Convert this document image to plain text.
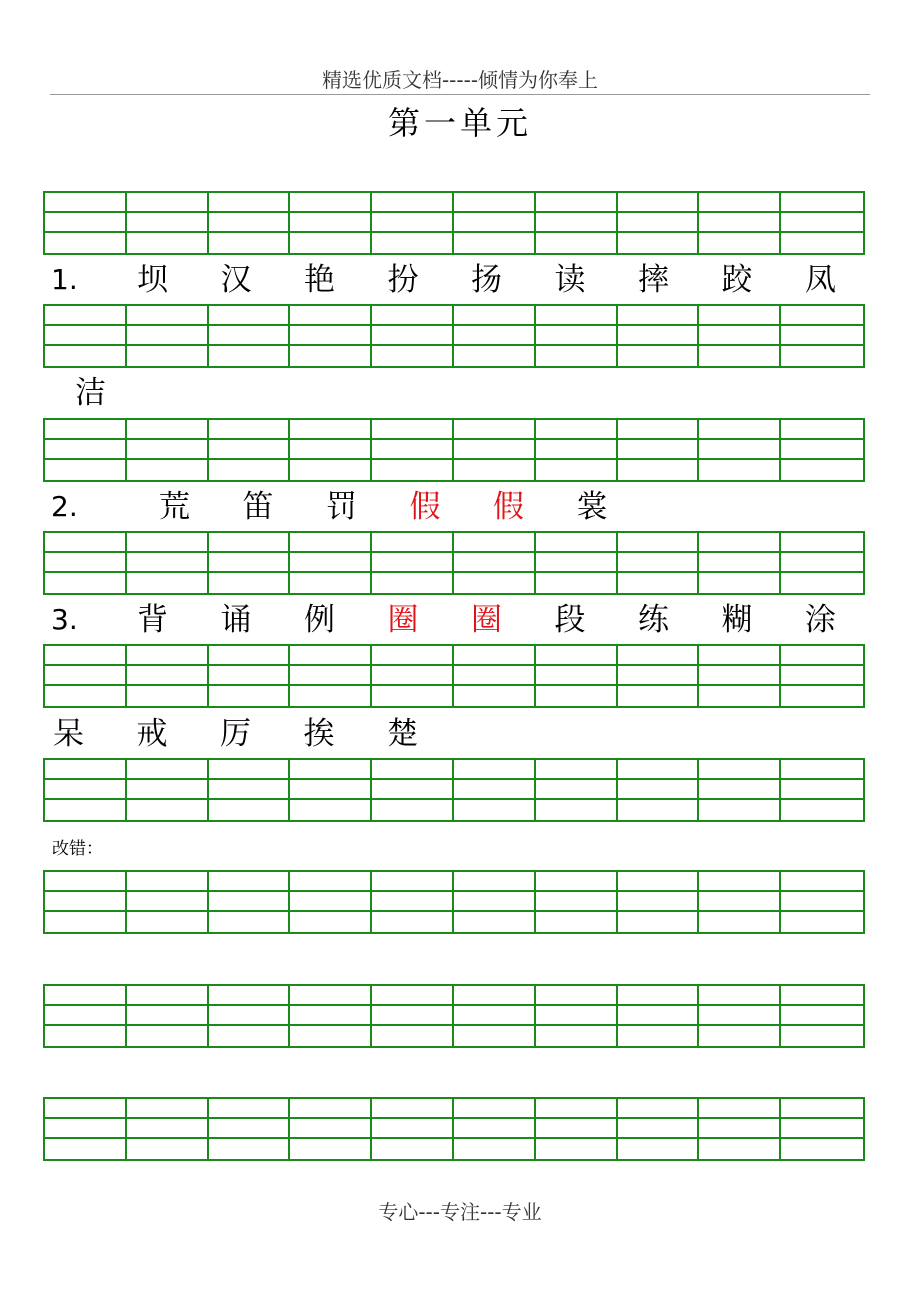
精选优质文档-----倾情为你奉上
第一单元
1. 坝 汉 艳 扮 扬 读 摔 跤 凤
洁
2.	荒 笛 罚 假 假 裳
3. 背 诵 例 圈 圈 段 练 糊 涂
呆 戒 厉 挨 楚
改错：
专心---专注---专业
